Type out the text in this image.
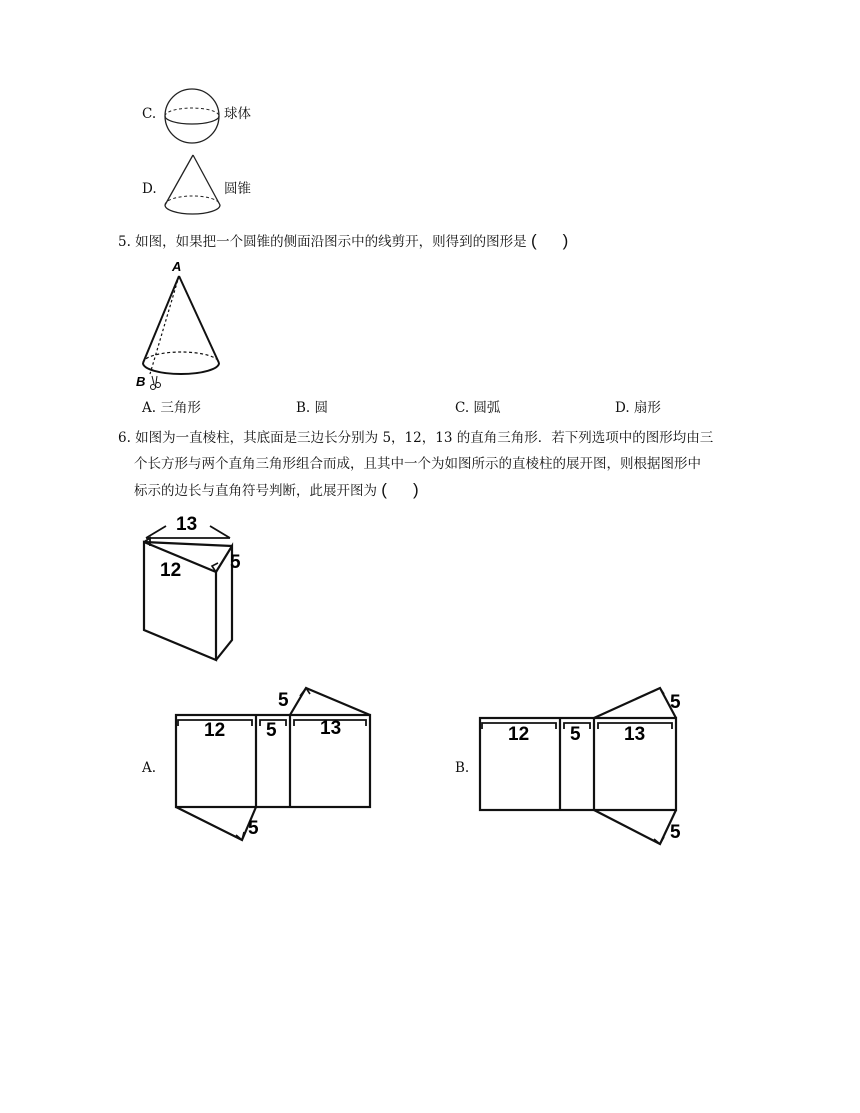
C.	球体
D.	圆锥
5. 如图，如果把一个圆锥的侧面沿图示中的线剪开，则得到的图形是 ( )
A
B
A. 三角形	B. 圆	C. 圆弧	D. 扇形
6. 如图为一直棱柱，其底面是三边长分别为 5，12，13 的直角三角形．若下列选项中的图形均由三
个长方形与两个直角三角形组合而成，且其中一个为如图所示的直棱柱的展开图，则根据图形中
标示的边长与直角符号判断，此展开图为 ( )
13
12	5
A.
12 5 13
5
5
B.
12 5 13
5
5
